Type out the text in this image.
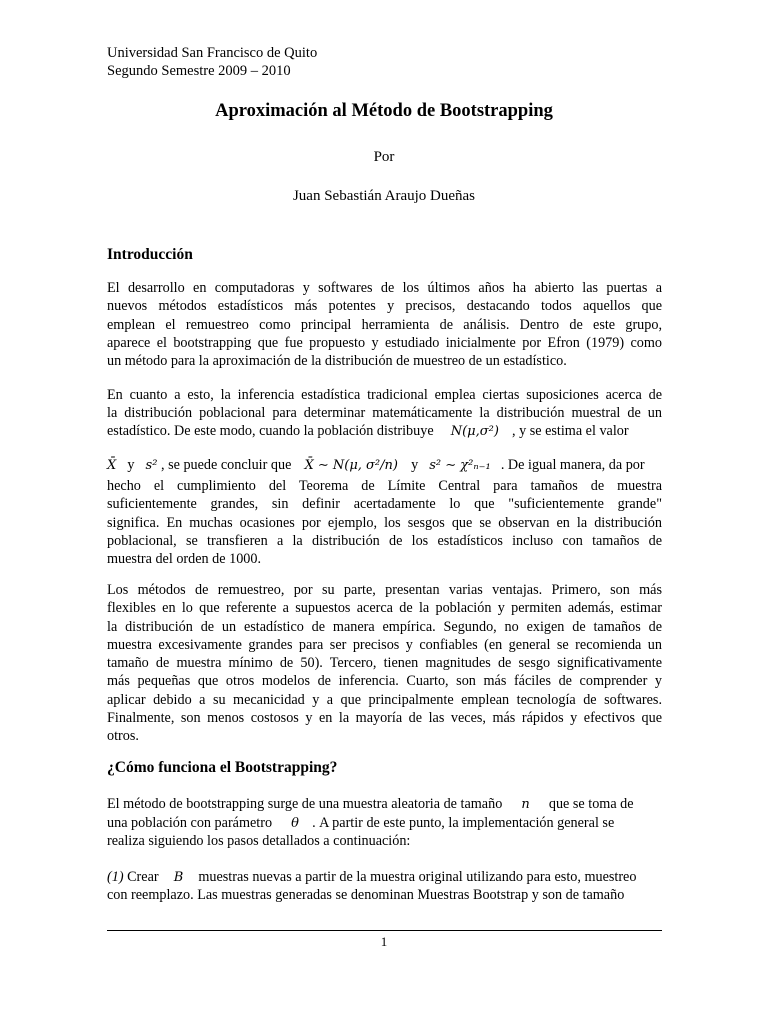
Universidad San Francisco de Quito
Segundo Semestre 2009 – 2010
Aproximación al Método de Bootstrapping
Por
Juan Sebastián Araujo Dueñas
Introducción
El desarrollo en computadoras y softwares de los últimos años ha abierto las puertas a
nuevos métodos estadísticos más potentes y precisos, destacando todos aquellos que
emplean el remuestreo como principal herramienta de análisis. Dentro de este grupo,
aparece el bootstrapping que fue propuesto y estudiado inicialmente por Efron (1979) como
un método para la aproximación de la distribución de muestreo de un estadístico.
En cuanto a esto, la inferencia estadística tradicional emplea ciertas suposiciones acerca de
la distribución poblacional para determinar matemáticamente la distribución muestral de un
estadístico. De este modo, cuando la población distribuye N(μ,σ²) , y se estima el valor
X̄ y s² , se puede concluir que X̄ ∼ N(μ, σ²/n) y s² ∼ χ²ₙ₋₁ . De igual manera, da por
hecho el cumplimiento del Teorema de Límite Central para tamaños de muestra
suficientemente grandes, sin definir acertadamente lo que "suficientemente grande"
significa. En muchas ocasiones por ejemplo, los sesgos que se observan en la distribución
poblacional, se transfieren a la distribución de los estadísticos incluso con tamaños de
muestra del orden de 1000.
Los métodos de remuestreo, por su parte, presentan varias ventajas. Primero, son más
flexibles en lo que referente a supuestos acerca de la población y permiten además, estimar
la distribución de un estadístico de manera empírica. Segundo, no exigen de tamaños de
muestra excesivamente grandes para ser precisos y confiables (en general se recomienda un
tamaño de muestra mínimo de 50). Tercero, tienen magnitudes de sesgo significativamente
más pequeñas que otros modelos de inferencia. Cuarto, son más fáciles de comprender y
aplicar debido a su mecanicidad y a que principalmente emplean tecnología de softwares.
Finalmente, son menos costosos y en la mayoría de las veces, más rápidos y efectivos que
otros.
¿Cómo funciona el Bootstrapping?
El método de bootstrapping surge de una muestra aleatoria de tamaño n que se toma de
una población con parámetro θ . A partir de este punto, la implementación general se
realiza siguiendo los pasos detallados a continuación:
(1) Crear B muestras nuevas a partir de la muestra original utilizando para esto, muestreo
con reemplazo. Las muestras generadas se denominan Muestras Bootstrap y son de tamaño
1
